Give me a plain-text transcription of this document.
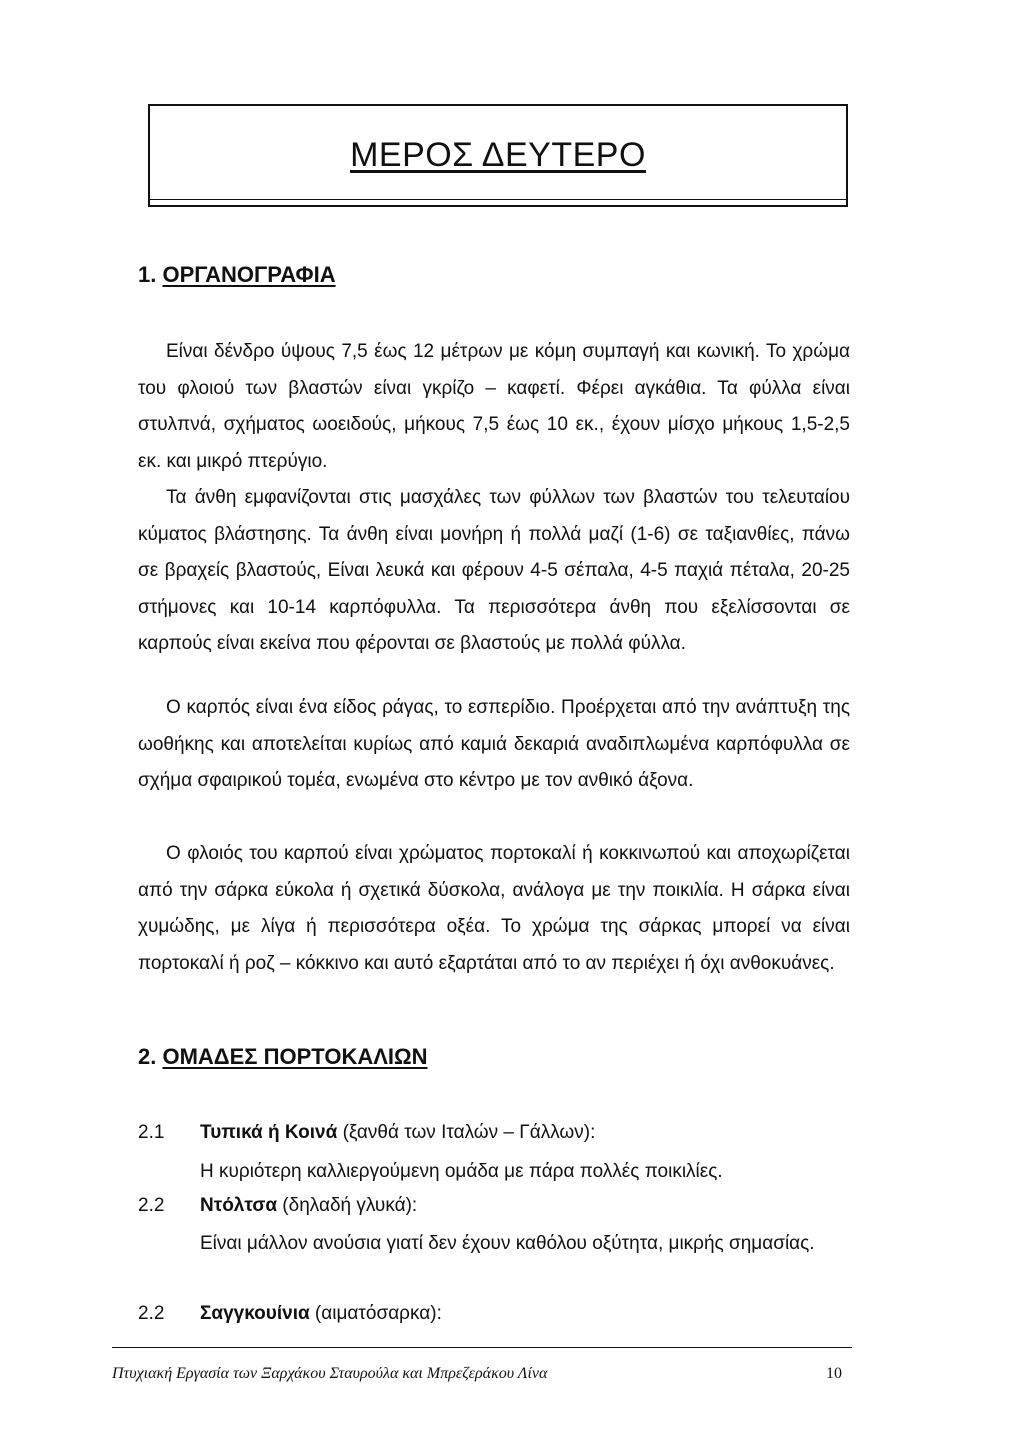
ΜΕΡΟΣ ΔΕΥΤΕΡΟ
1. ΟΡΓΑΝΟΓΡΑΦΙΑ

Είναι δένδρο ύψους 7,5 έως 12 μέτρων με κόμη συμπαγή και κωνική. Το χρώμα του φλοιού των βλαστών είναι γκρίζο – καφετί. Φέρει αγκάθια. Τα φύλλα είναι στυλπνά, σχήματος ωοειδούς, μήκους 7,5 έως 10 εκ., έχουν μίσχο μήκους 1,5-2,5 εκ. και μικρό πτερύγιο.

Τα άνθη εμφανίζονται στις μασχάλες των φύλλων των βλαστών του τελευταίου κύματος βλάστησης. Τα άνθη είναι μονήρη ή πολλά μαζί (1-6) σε ταξιανθίες, πάνω σε βραχείς βλαστούς, Είναι λευκά και φέρουν 4-5 σέπαλα, 4-5 παχιά πέταλα, 20-25 στήμονες και 10-14 καρπόφυλλα. Τα περισσότερα άνθη που εξελίσσονται σε καρπούς είναι εκείνα που φέρονται σε βλαστούς με πολλά φύλλα.

Ο καρπός είναι ένα είδος ράγας, το εσπερίδιο. Προέρχεται από την ανάπτυξη της ωοθήκης και αποτελείται κυρίως από καμιά δεκαριά αναδιπλωμένα καρπόφυλλα σε σχήμα σφαιρικού τομέα, ενωμένα στο κέντρο με τον ανθικό άξονα.

Ο φλοιός του καρπού είναι χρώματος πορτοκαλί ή κοκκινωπού και αποχωρίζεται από την σάρκα εύκολα ή σχετικά δύσκολα, ανάλογα με την ποικιλία. Η σάρκα είναι χυμώδης, με λίγα ή περισσότερα οξέα. Το χρώμα της σάρκας μπορεί να είναι πορτοκαλί ή ροζ – κόκκινο και αυτό εξαρτάται από το αν περιέχει ή όχι ανθοκυάνες.

2. ΟΜΑΔΕΣ ΠΟΡΤΟΚΑΛΙΩΝ
2.1 Τυπικά ή Κοινά (ξανθά των Ιταλών – Γάλλων):

Η κυριότερη καλλιεργούμενη ομάδα με πάρα πολλές ποικιλίες.

2.2 Ντόλτσα (δηλαδή γλυκά):

Είναι μάλλον ανούσια γιατί δεν έχουν καθόλου οξύτητα, μικρής σημασίας.

2.2 Σαγγκουίνια (αιματόσαρκα):
Πτυχιακή Εργασία των Ξαρχάκου Σταυρούλα και Μπρεζεράκου Λίνα	10
